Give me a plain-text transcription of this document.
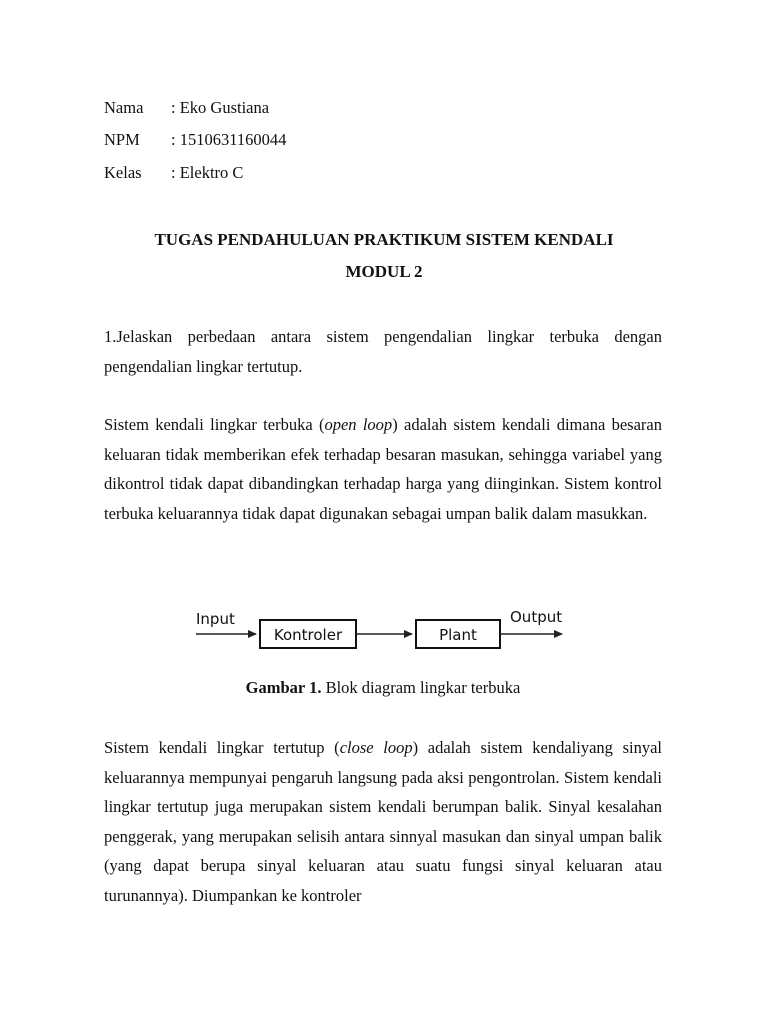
Nama	: Eko Gustiana
NPM	: 1510631160044
Kelas	: Elektro C
TUGAS PENDAHULUAN PRAKTIKUM SISTEM KENDALI
MODUL 2

1.Jelaskan perbedaan antara sistem pengendalian lingkar terbuka dengan pengendalian lingkar tertutup.

Sistem kendali lingkar terbuka (open loop) adalah sistem kendali dimana besaran keluaran tidak memberikan efek terhadap besaran masukan, sehingga variabel yang dikontrol tidak dapat dibandingkan terhadap harga yang diinginkan. Sistem kontrol terbuka keluarannya tidak dapat digunakan sebagai umpan balik dalam masukkan.

Input
Kontroler	Plant
Output
Gambar 1. Blok diagram lingkar terbuka

Sistem kendali lingkar tertutup (close loop) adalah sistem kendaliyang sinyal keluarannya mempunyai pengaruh langsung pada aksi pengontrolan. Sistem kendali lingkar tertutup juga merupakan sistem kendali berumpan balik. Sinyal kesalahan penggerak, yang merupakan selisih antara sinnyal masukan dan sinyal umpan balik (yang dapat berupa sinyal keluaran atau suatu fungsi sinyal keluaran atau turunannya). Diumpankan ke kontroler
